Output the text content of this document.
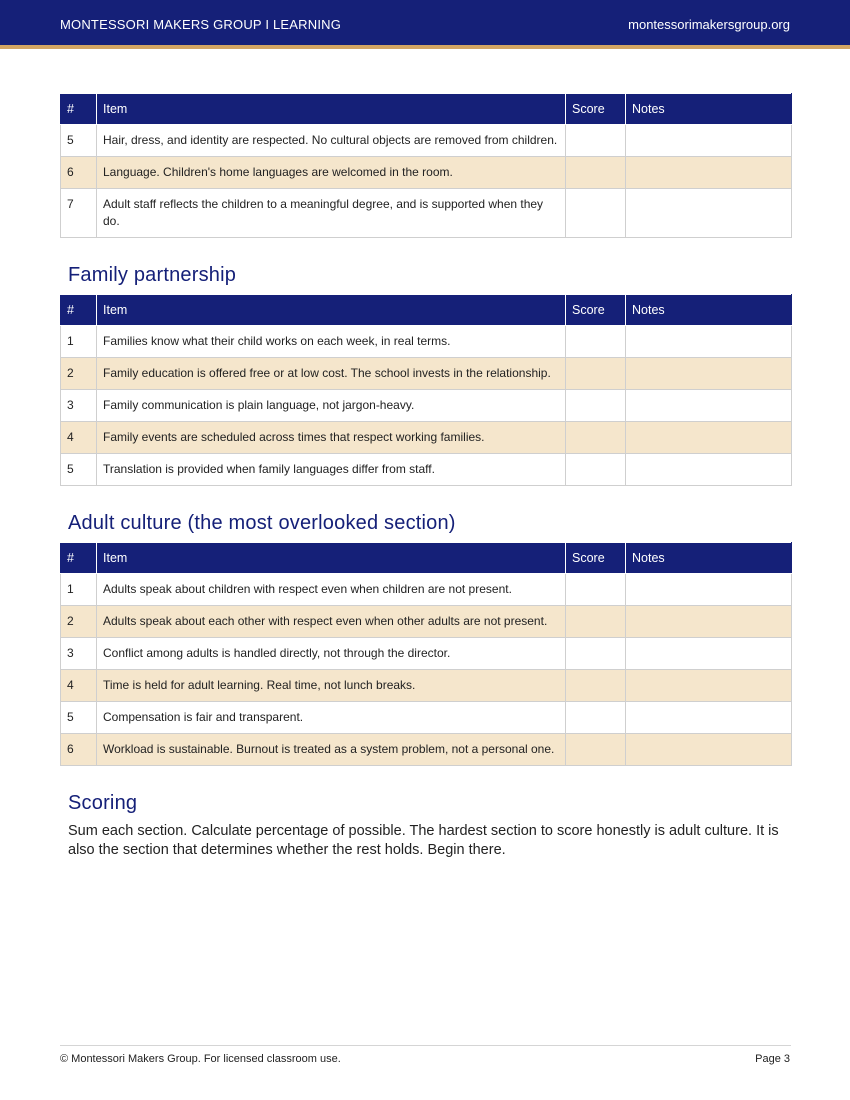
MONTESSORI MAKERS GROUP I LEARNING	montessorimakersgroup.org
#	Item	Score	Notes
5	Hair, dress, and identity are respected. No cultural objects are removed from children.		
6	Language. Children's home languages are welcomed in the room.		
7	Adult staff reflects the children to a meaningful degree, and is supported when they do.		
Family partnership
#	Item	Score	Notes
1	Families know what their child works on each week, in real terms.		
2	Family education is offered free or at low cost. The school invests in the relationship.		
3	Family communication is plain language, not jargon-heavy.		
4	Family events are scheduled across times that respect working families.		
5	Translation is provided when family languages differ from staff.		
Adult culture (the most overlooked section)
#	Item	Score	Notes
1	Adults speak about children with respect even when children are not present.		
2	Adults speak about each other with respect even when other adults are not present.		
3	Conflict among adults is handled directly, not through the director.		
4	Time is held for adult learning. Real time, not lunch breaks.		
5	Compensation is fair and transparent.		
6	Workload is sustainable. Burnout is treated as a system problem, not a personal one.		
Scoring

Sum each section. Calculate percentage of possible. The hardest section to score honestly is adult culture. It is also the section that determines whether the rest holds. Begin there.

© Montessori Makers Group. For licensed classroom use.	Page 3
